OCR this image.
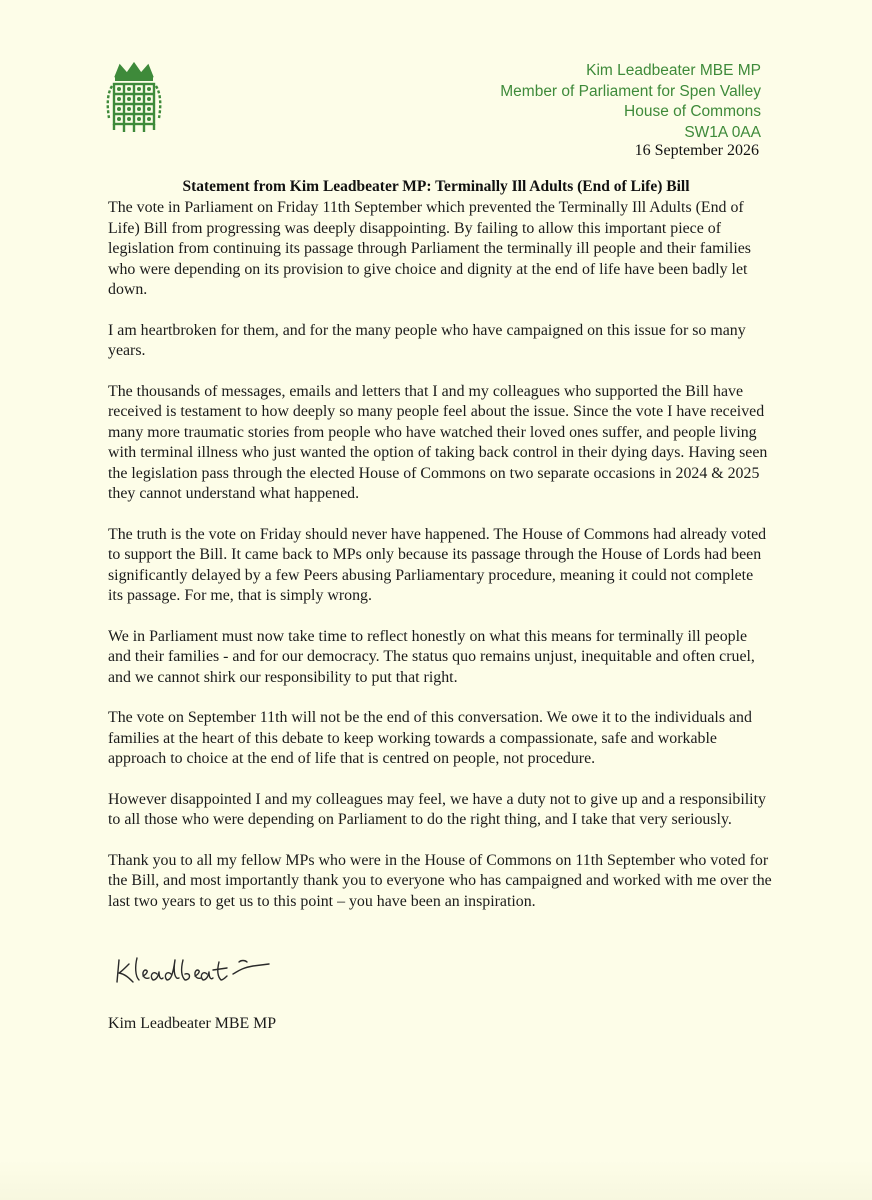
Kim Leadbeater MBE MP
Member of Parliament for Spen Valley
House of Commons
SW1A 0AA
16 September 2026
Statement from Kim Leadbeater MP: Terminally Ill Adults (End of Life) Bill

The vote in Parliament on Friday 11th September which prevented the Terminally Ill Adults (End of Life) Bill from progressing was deeply disappointing. By failing to allow this important piece of legislation from continuing its passage through Parliament the terminally ill people and their families who were depending on its provision to give choice and dignity at the end of life have been badly let down.

I am heartbroken for them, and for the many people who have campaigned on this issue for so many years.

The thousands of messages, emails and letters that I and my colleagues who supported the Bill have received is testament to how deeply so many people feel about the issue. Since the vote I have received many more traumatic stories from people who have watched their loved ones suffer, and people living with terminal illness who just wanted the option of taking back control in their dying days. Having seen the legislation pass through the elected House of Commons on two separate occasions in 2024 & 2025 they cannot understand what happened.

The truth is the vote on Friday should never have happened. The House of Commons had already voted to support the Bill. It came back to MPs only because its passage through the House of Lords had been significantly delayed by a few Peers abusing Parliamentary procedure, meaning it could not complete its passage. For me, that is simply wrong.

We in Parliament must now take time to reflect honestly on what this means for terminally ill people and their families - and for our democracy. The status quo remains unjust, inequitable and often cruel, and we cannot shirk our responsibility to put that right.

The vote on September 11th will not be the end of this conversation. We owe it to the individuals and families at the heart of this debate to keep working towards a compassionate, safe and workable approach to choice at the end of life that is centred on people, not procedure.

However disappointed I and my colleagues may feel, we have a duty not to give up and a responsibility to all those who were depending on Parliament to do the right thing, and I take that very seriously.

Thank you to all my fellow MPs who were in the House of Commons on 11th September who voted for the Bill, and most importantly thank you to everyone who has campaigned and worked with me over the last two years to get us to this point – you have been an inspiration.

Kim Leadbeater MBE MP
